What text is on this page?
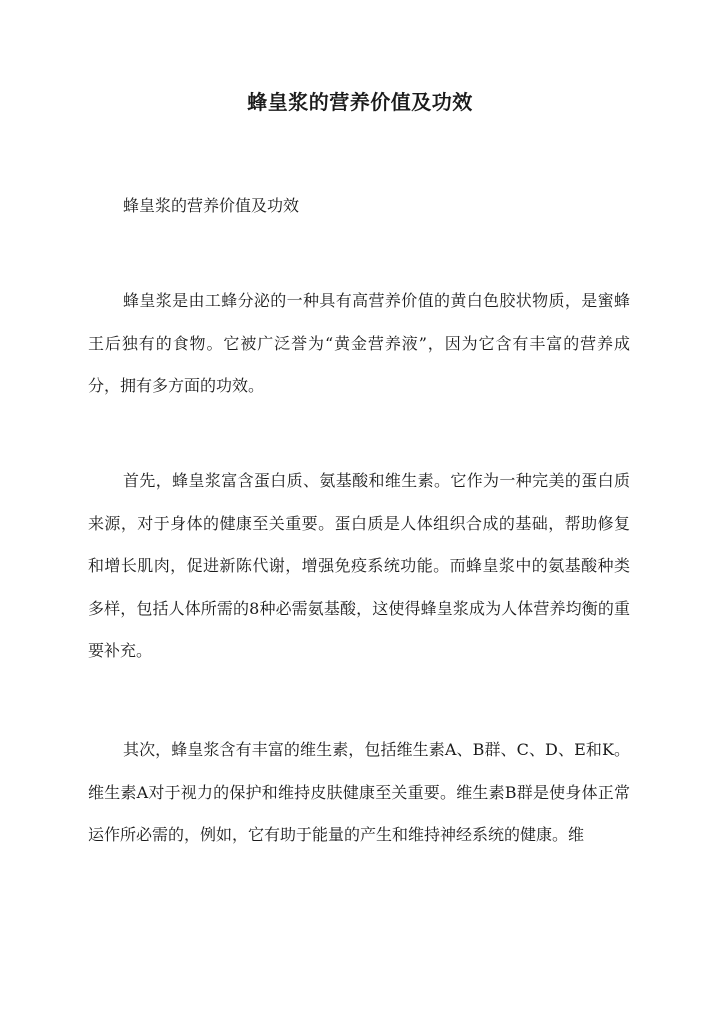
蜂皇浆的营养价值及功效
蜂皇浆的营养价值及功效

蜂皇浆是由工蜂分泌的一种具有高营养价值的黄白色胶状物质，是蜜蜂王后独有的食物。它被广泛誉为“黄金营养液”，因为它含有丰富的营养成分，拥有多方面的功效。

首先，蜂皇浆富含蛋白质、氨基酸和维生素。它作为一种完美的蛋白质来源，对于身体的健康至关重要。蛋白质是人体组织合成的基础，帮助修复和增长肌肉，促进新陈代谢，增强免疫系统功能。而蜂皇浆中的氨基酸种类多样，包括人体所需的8种必需氨基酸，这使得蜂皇浆成为人体营养均衡的重要补充。

其次，蜂皇浆含有丰富的维生素，包括维生素A、B群、C、D、E和K。维生素A对于视力的保护和维持皮肤健康至关重要。维生素B群是使身体正常运作所必需的，例如，它有助于能量的产生和维持神经系统的健康。维
